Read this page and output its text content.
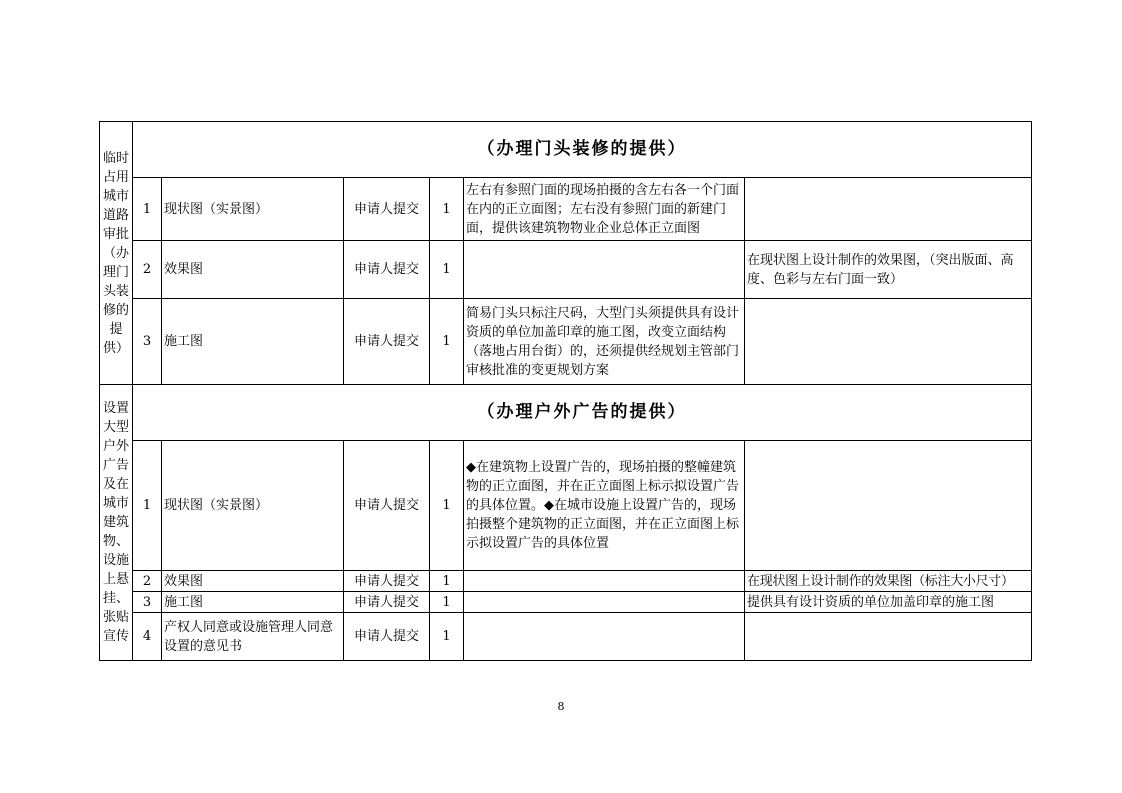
临时占用城市道路审批（办理门头装修的提供）	（办理门头装修的提供）					
	1	现状图（实景图）	申请人提交	1	左右有参照门面的现场拍摄的含左右各一个门面在内的正立面图；左右没有参照门面的新建门面，提供该建筑物物业企业总体正立面图	
	2	效果图	申请人提交	1		在现状图上设计制作的效果图，（突出版面、高度、色彩与左右门面一致）
	3	施工图	申请人提交	1	简易门头只标注尺码，大型门头须提供具有设计资质的单位加盖印章的施工图，改变立面结构（落地占用台街）的，还须提供经规划主管部门审核批准的变更规划方案	
设置大型户外广告及在城市建筑物、设施上悬挂、张贴宣传	（办理户外广告的提供）					
	1	现状图（实景图）	申请人提交	1	◆在建筑物上设置广告的，现场拍摄的整幢建筑物的正立面图，并在正立面图上标示拟设置广告的具体位置。◆在城市设施上设置广告的，现场拍摄整个建筑物的正立面图，并在正立面图上标示拟设置广告的具体位置	
	2	效果图	申请人提交	1		在现状图上设计制作的效果图（标注大小尺寸）
	3	施工图	申请人提交	1		提供具有设计资质的单位加盖印章的施工图
	4	产权人同意或设施管理人同意设置的意见书	申请人提交	1		
8
